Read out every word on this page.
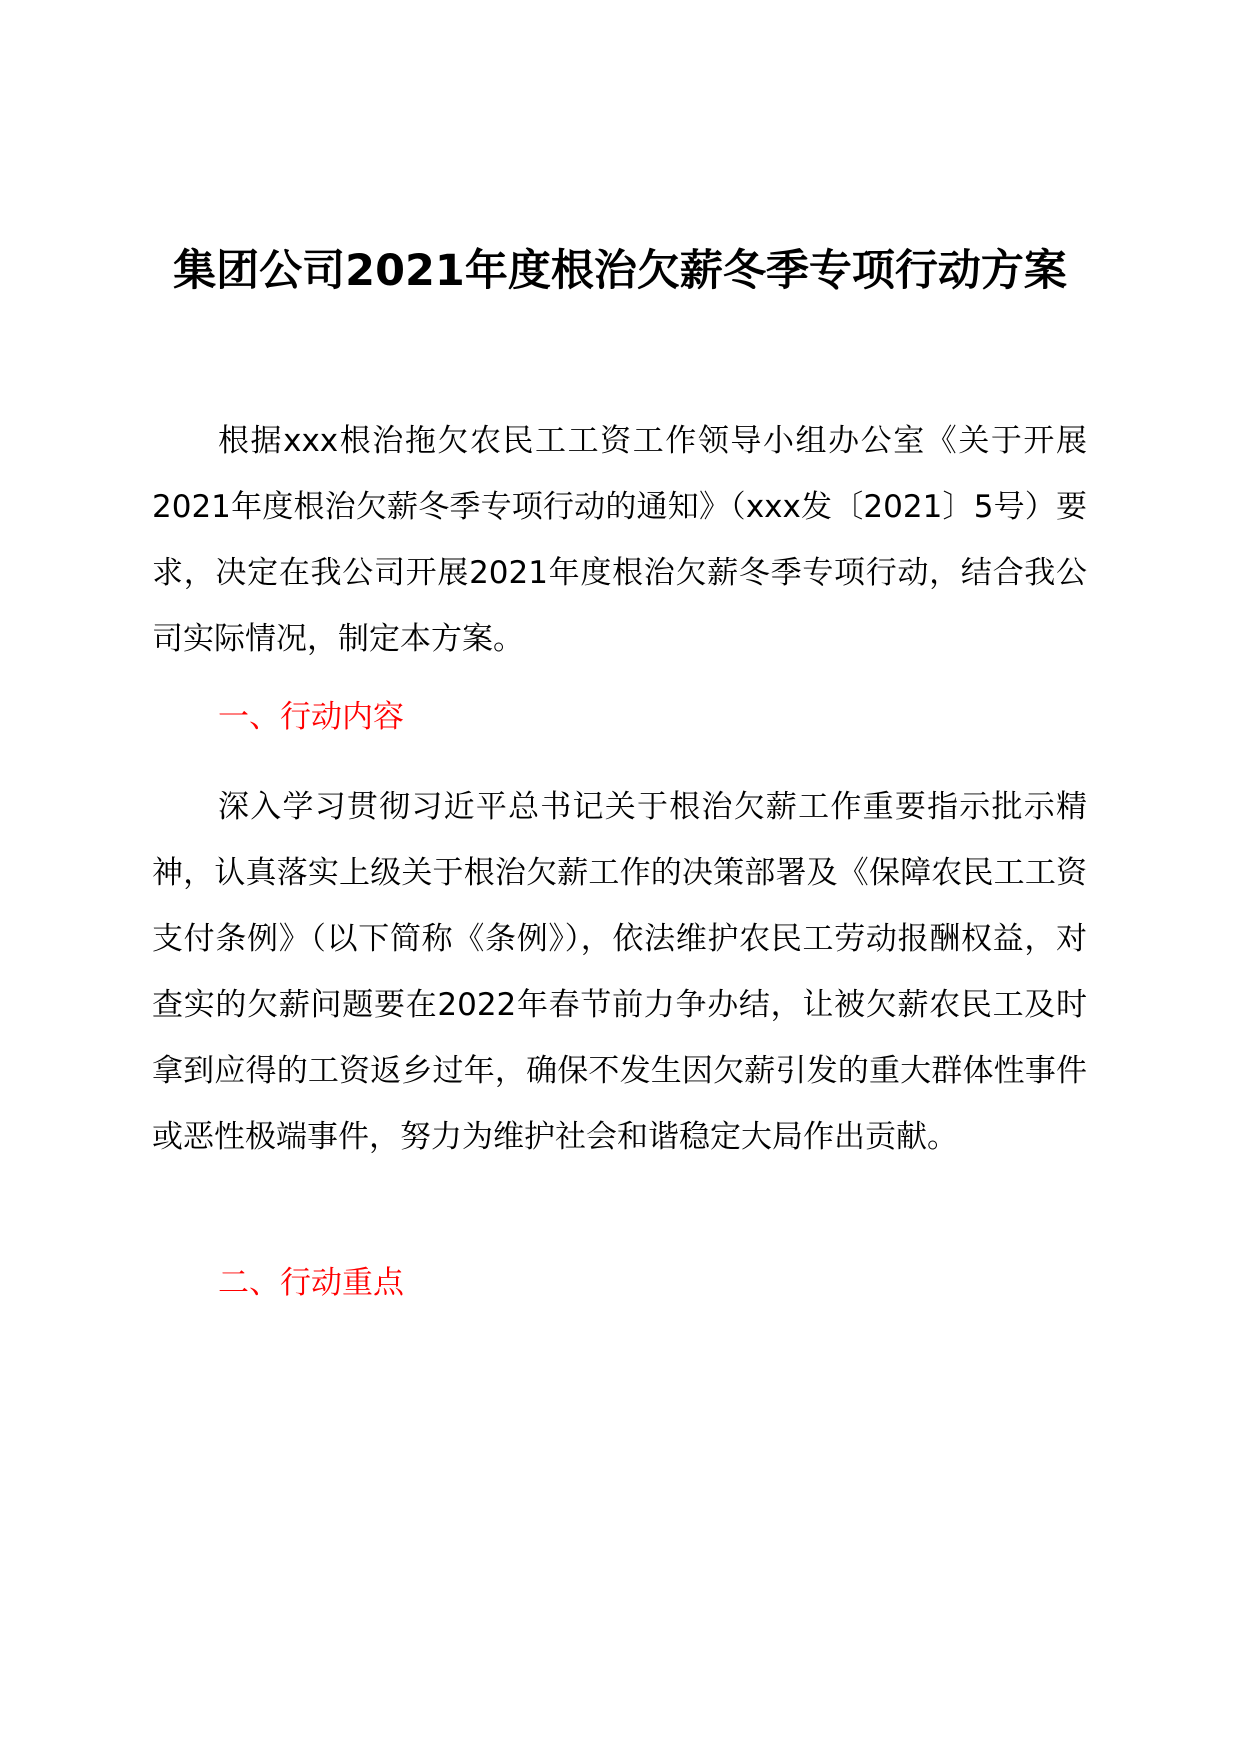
集团公司2021年度根治欠薪冬季专项行动方案

根据xxx根治拖欠农民工工资工作领导小组办公室《关于开展2021年度根治欠薪冬季专项行动的通知》（xxx发〔2021〕5号）要求，决定在我公司开展2021年度根治欠薪冬季专项行动，结合我公司实际情况，制定本方案。

一、行动内容

深入学习贯彻习近平总书记关于根治欠薪工作重要指示批示精神，认真落实上级关于根治欠薪工作的决策部署及《保障农民工工资支付条例》（以下简称《条例》），依法维护农民工劳动报酬权益，对查实的欠薪问题要在2022年春节前力争办结，让被欠薪农民工及时拿到应得的工资返乡过年，确保不发生因欠薪引发的重大群体性事件或恶性极端事件，努力为维护社会和谐稳定大局作出贡献。

二、行动重点
